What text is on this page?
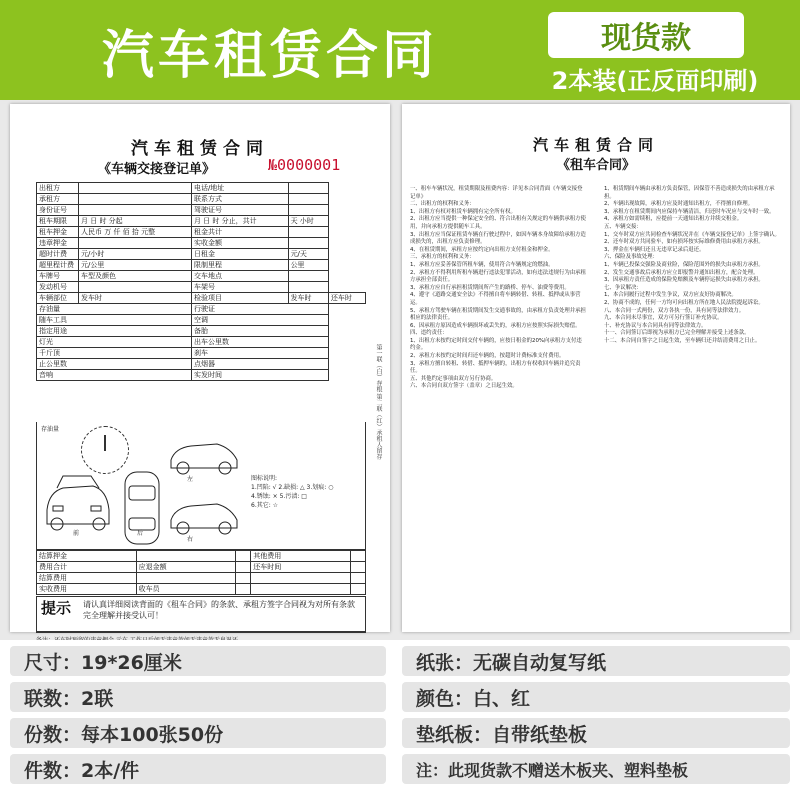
汽车租赁合同	现货款
2本装(正反面印刷)
汽车租赁合同
《车辆交接登记单》	№0000001
出租方		电话/地址		
承租方		联系方式		
身份证号		驾驶证号		
租车期限	月 日 时 分起	月 日 时 分止，共计	天 小时	
租车押金	人民币 万 仟 佰 拾 元整	租金共计		
违章押金		实收金额		
超时计费	元/小时	日租金	元/天	
超里程计费	元/公里	限制里程	公里	
车牌号	车型及颜色	交车地点		
发动机号		车架号		
车辆部位	发车时	检验项目	发车时	还车时
存油量		行驶证		
随车工具		空调		
指定用途		备胎		
灯光		出车公里数		
千斤顶		刹车		
止公里数		点烟器		
音响		实发时间		
存油量
图标说明:
1.凹陷: √ 2.缺损: △ 3.划痕: ○
4.锈蚀: × 5.污渍: □
6.其它: ☆
前
左
右
后
结算押金			其他费用	
费用合计	应退金额		还车时间	
结算费用				
实收费用	收车员			
提示 请认真详细阅读背面的《租车合同》的条款、承租方签字合同视为对所有条款完全理解并接受认可！
第一联（白）存根 第二联（红）承租人留存
汽车租赁合同
《租车合同》
一、租车车辆状况，租赁期限及租费内容：详见本合同背面《车辆交接登记单》
二、出租方的权利和义务：
1、出租方有权对租赁车辆拥有完全所有权。
2、出租方应当提供一种保定安全的、符合出租有关规定的车辆供承租方使用，并向承租方提供随车工具。
3、出租方应当保证租赁车辆在行驶过程中，如因车辆本身故障给承租方造成损失的，出租方应负责修理。
4、在租赁期间，承租方应按约定向出租方支付租金和押金。
三、承租方的权利和义务：
1、承租方应妥善保管所租车辆，使用符合车辆规定的燃油。
2、承租方不得利用所租车辆进行违法犯罪活动，如有违法违规行为由承租方承担全部责任。
3、承租方应自行承担租赁期间所产生的路桥、停车、油费等费用。
4、遵守《道路交通安全法》不得擅自将车辆转借、转租、抵押或从事营运。
5、承租方驾驶车辆在租赁期间发生交通事故的，由承租方负责处理并承担相应的法律责任。
6、因承租方原因造成车辆损坏或丢失的，承租方应按照实际损失赔偿。
四、违约责任：
1、出租方未按约定时间交付车辆的，应按日租金的20%向承租方支付违约金。
2、承租方未按约定时间归还车辆的，按超时计费标准支付费用。
3、承租方擅自转租、转借、抵押车辆的，出租方有权收回车辆并追究责任。
五、其他约定事项由双方另行协商。
六、本合同自双方签字（盖章）之日起生效。
1、租赁期间车辆由承租方负责保管，因保管不善造成损失的由承租方承担。
2、车辆出现故障，承租方应及时通知出租方，不得擅自修理。
3、承租方在租赁期间内应保持车辆清洁，归还时车况应与交车时一致。
4、承租方如需续租，应提前一天通知出租方并续交租金。
五、车辆交接：
1、交车时双方应共同检查车辆状况并在《车辆交接登记单》上签字确认。
2、还车时双方共同验车，如有损坏按实际维修费用由承租方承担。
3、押金在车辆归还且无违章记录后退还。
六、保险及事故处理：
1、车辆已投保交强险及商业险，保险范围外的损失由承租方承担。
2、发生交通事故后承租方应立即报警并通知出租方，配合处理。
3、因承租方责任造成的保险免赔额及车辆停运损失由承租方承担。
七、争议解决：
1、本合同履行过程中发生争议，双方应友好协商解决。
2、协商不成的，任何一方均可向出租方所在地人民法院提起诉讼。
八、本合同一式两份，双方各执一份，具有同等法律效力。
九、本合同未尽事宜，双方可另行签订补充协议。
十、补充协议与本合同具有同等法律效力。
十一、合同签订后即视为承租方已完全理解并接受上述条款。
十二、本合同自签字之日起生效，至车辆归还并结清费用之日止。
尺寸： 19*26厘米
联数： 2联
份数： 每本100张50份
件数： 2本/件
纸张： 无碳自动复写纸
颜色： 白、红
垫纸板： 自带纸垫板
注： 此现货款不赠送木板夹、塑料垫板
